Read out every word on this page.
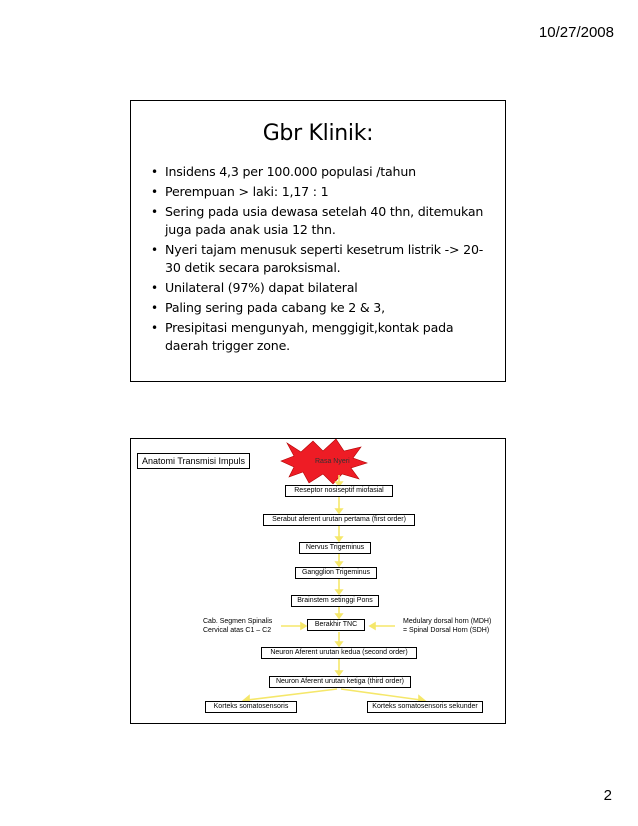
10/27/2008
Gbr Klinik:
• Insidens 4,3 per 100.000 populasi /tahun
• Perempuan > laki: 1,17 : 1
• Sering pada usia dewasa setelah 40 thn, ditemukan juga pada anak usia 12 thn.
• Nyeri tajam menusuk seperti kesetrum listrik -> 20-30 detik secara paroksismal.
• Unilateral (97%) dapat bilateral
• Paling sering pada cabang ke 2 & 3,
• Presipitasi mengunyah, menggigit,kontak pada daerah trigger zone.
Anatomi Transmisi Impuls	Rasa Nyeri
Reseptor nosiseptif miofasial
Serabut aferent urutan pertama (first order)
Nervus Trigeminus
Gangglion Trigeminus
Brainstem setinggi Pons
Berakhir TNC
Neuron Aferent urutan kedua (second order)
Neuron Aferent urutan ketiga (third order)
Korteks somatosensoris	Korteks somatosensoris sekunder
Cab. Segmen Spinalis
Cervical atas C1 – C2
Medulary dorsal horn (MDH)
= Spinal Dorsal Horn (SDH)
2
